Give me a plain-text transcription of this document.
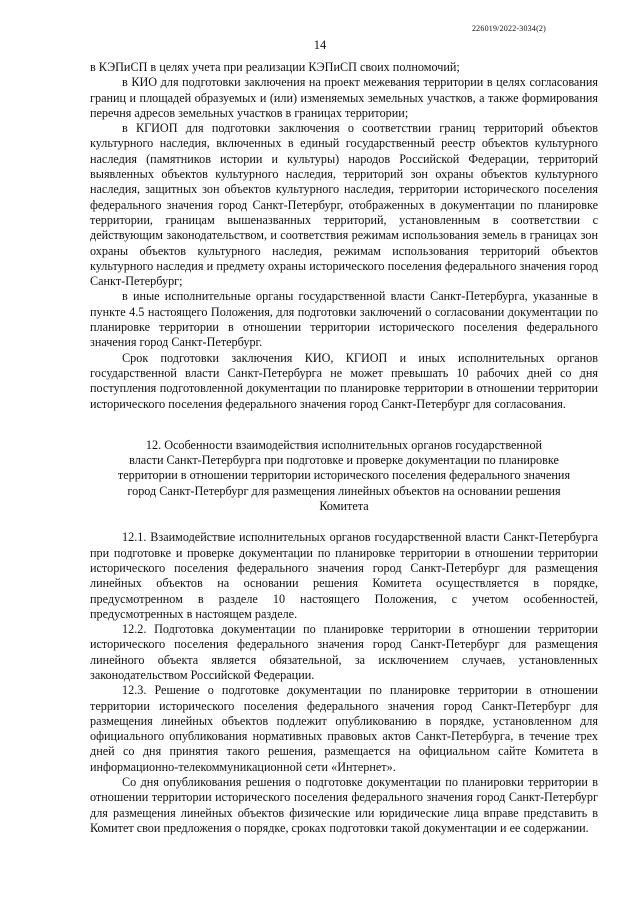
226019/2022-3034(2)
14

в КЭПиСП в целях учета при реализации КЭПиСП своих полномочий;

в КИО для подготовки заключения на проект межевания территории в целях согласования границ и площадей образуемых и (или) изменяемых земельных участков, а также формирования перечня адресов земельных участков в границах территории;

в КГИОП для подготовки заключения о соответствии границ территорий объектов культурного наследия, включенных в единый государственный реестр объектов культурного наследия (памятников истории и культуры) народов Российской Федерации, территорий выявленных объектов культурного наследия, территорий зон охраны объектов культурного наследия, защитных зон объектов культурного наследия, территории исторического поселения федерального значения город Санкт-Петербург, отображенных в документации по планировке территории, границам вышеназванных территорий, установленным в соответствии с действующим законодательством, и соответствия режимам использования земель в границах зон охраны объектов культурного наследия, режимам использования территорий объектов культурного наследия и предмету охраны исторического поселения федерального значения город Санкт-Петербург;

в иные исполнительные органы государственной власти Санкт-Петербурга, указанные в пункте 4.5 настоящего Положения, для подготовки заключений о согласовании документации по планировке территории в отношении территории исторического поселения федерального значения город Санкт-Петербург.

Срок подготовки заключения КИО, КГИОП и иных исполнительных органов государственной власти Санкт-Петербурга не может превышать 10 рабочих дней со дня поступления подготовленной документации по планировке территории в отношении территории исторического поселения федерального значения город Санкт-Петербург для согласования.

12. Особенности взаимодействия исполнительных органов государственной
власти Санкт-Петербурга при подготовке и проверке документации по планировке
территории в отношении территории исторического поселения федерального значения
город Санкт-Петербург для размещения линейных объектов на основании решения
Комитета

12.1. Взаимодействие исполнительных органов государственной власти Санкт-Петербурга при подготовке и проверке документации по планировке территории в отношении территории исторического поселения федерального значения город Санкт-Петербург для размещения линейных объектов на основании решения Комитета осуществляется в порядке, предусмотренном в разделе 10 настоящего Положения, с учетом особенностей, предусмотренных в настоящем разделе.

12.2. Подготовка документации по планировке территории в отношении территории исторического поселения федерального значения город Санкт-Петербург для размещения линейного объекта является обязательной, за исключением случаев, установленных законодательством Российской Федерации.

12.3. Решение о подготовке документации по планировке территории в отношении территории исторического поселения федерального значения город Санкт-Петербург для размещения линейных объектов подлежит опубликованию в порядке, установленном для официального опубликования нормативных правовых актов Санкт-Петербурга, в течение трех дней со дня принятия такого решения, размещается на официальном сайте Комитета в информационно-телекоммуникационной сети «Интернет».

Со дня опубликования решения о подготовке документации по планировки территории в отношении территории исторического поселения федерального значения город Санкт-Петербург для размещения линейных объектов физические или юридические лица вправе представить в Комитет свои предложения о порядке, сроках подготовки такой документации и ее содержании.
